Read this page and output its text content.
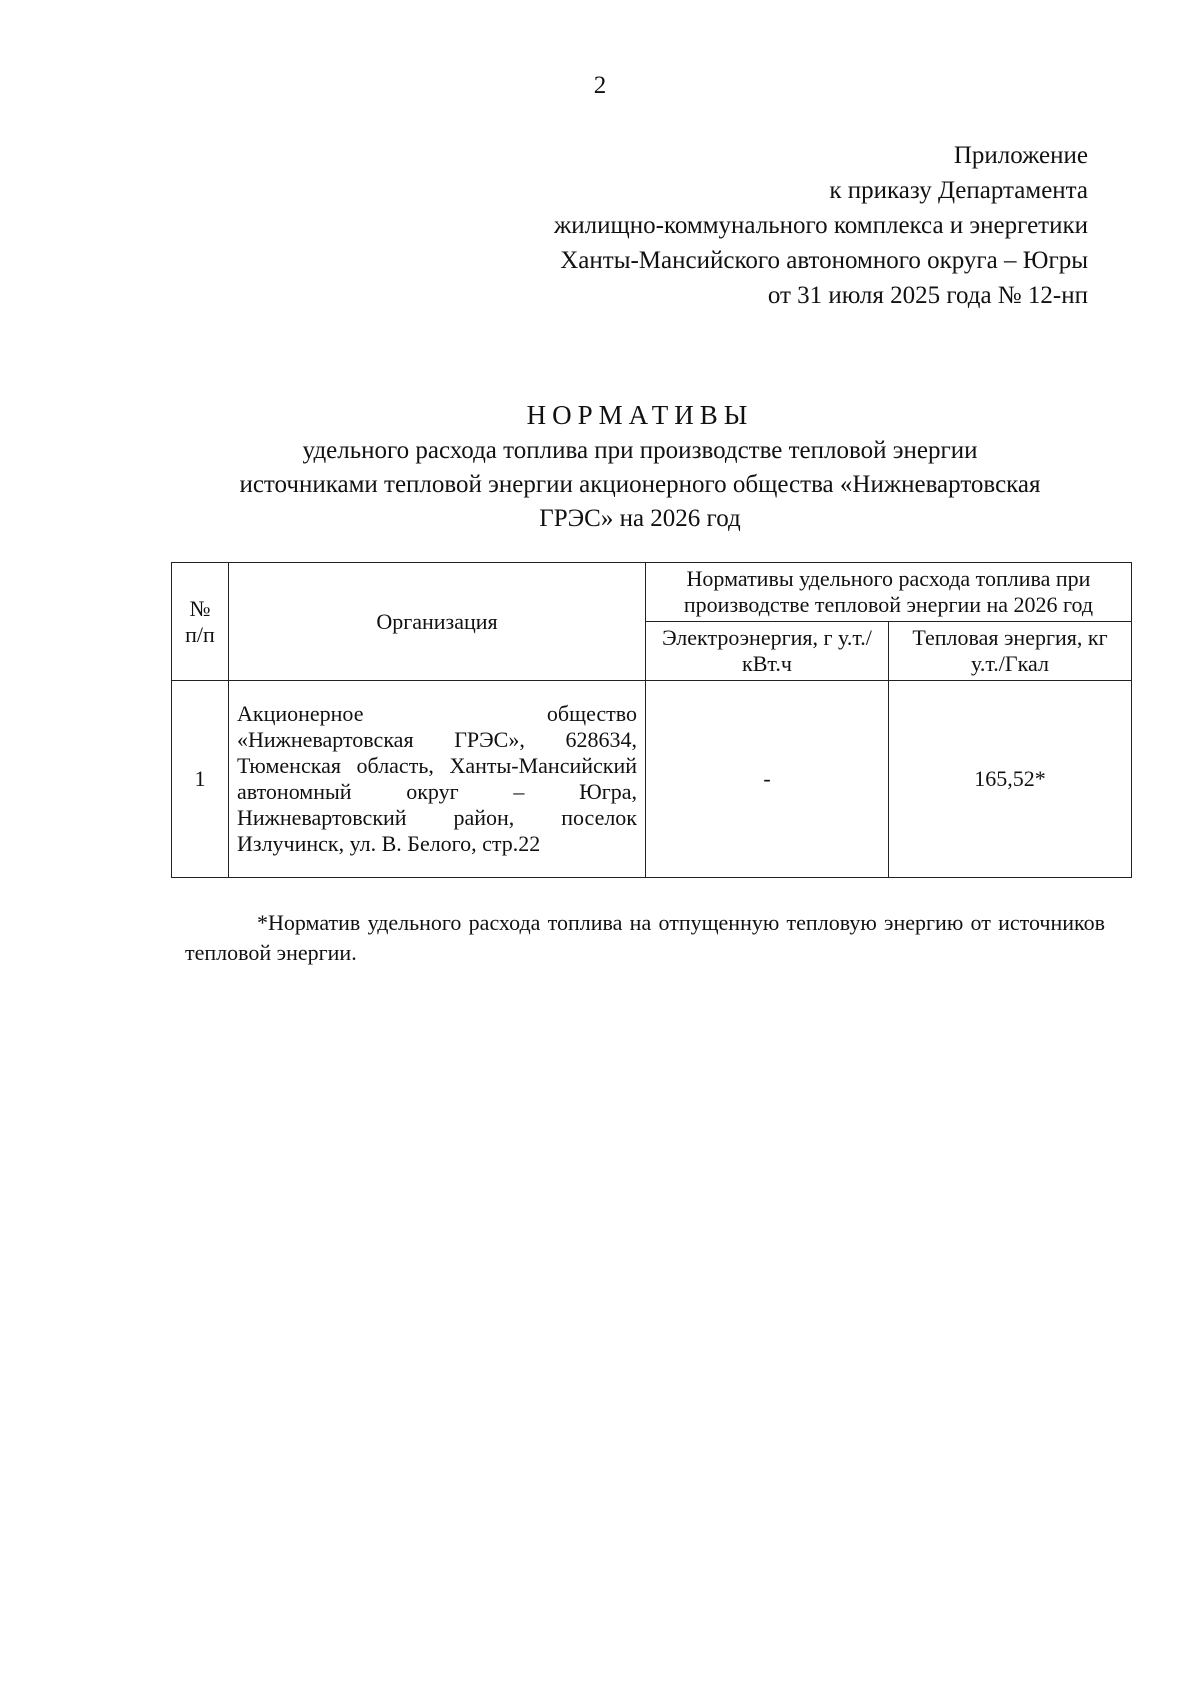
2
Приложение
к приказу Департамента
жилищно-коммунального комплекса и энергетики
Ханты-Мансийского автономного округа – Югры
от 31 июля 2025 года № 12-нп
НОРМАТИВЫ
удельного расхода топлива при производстве тепловой энергии
источниками тепловой энергии акционерного общества «Нижневартовская
ГРЭС» на 2026 год
№ п/п	Организация	Нормативы удельного расхода топлива при производстве тепловой энергии на 2026 год	
		Электроэнергия, г у.т./кВт.ч	Тепловая энергия, кг у.т./Гкал
1	Акционерное общество «Нижневартовская ГРЭС», 628634, Тюменская область, Ханты-Мансийский автономный округ – Югра, Нижневартовский район, поселок Излучинск, ул. В. Белого, стр.22	-	165,52*
*Норматив удельного расхода топлива на отпущенную тепловую энергию от источников тепловой энергии.
